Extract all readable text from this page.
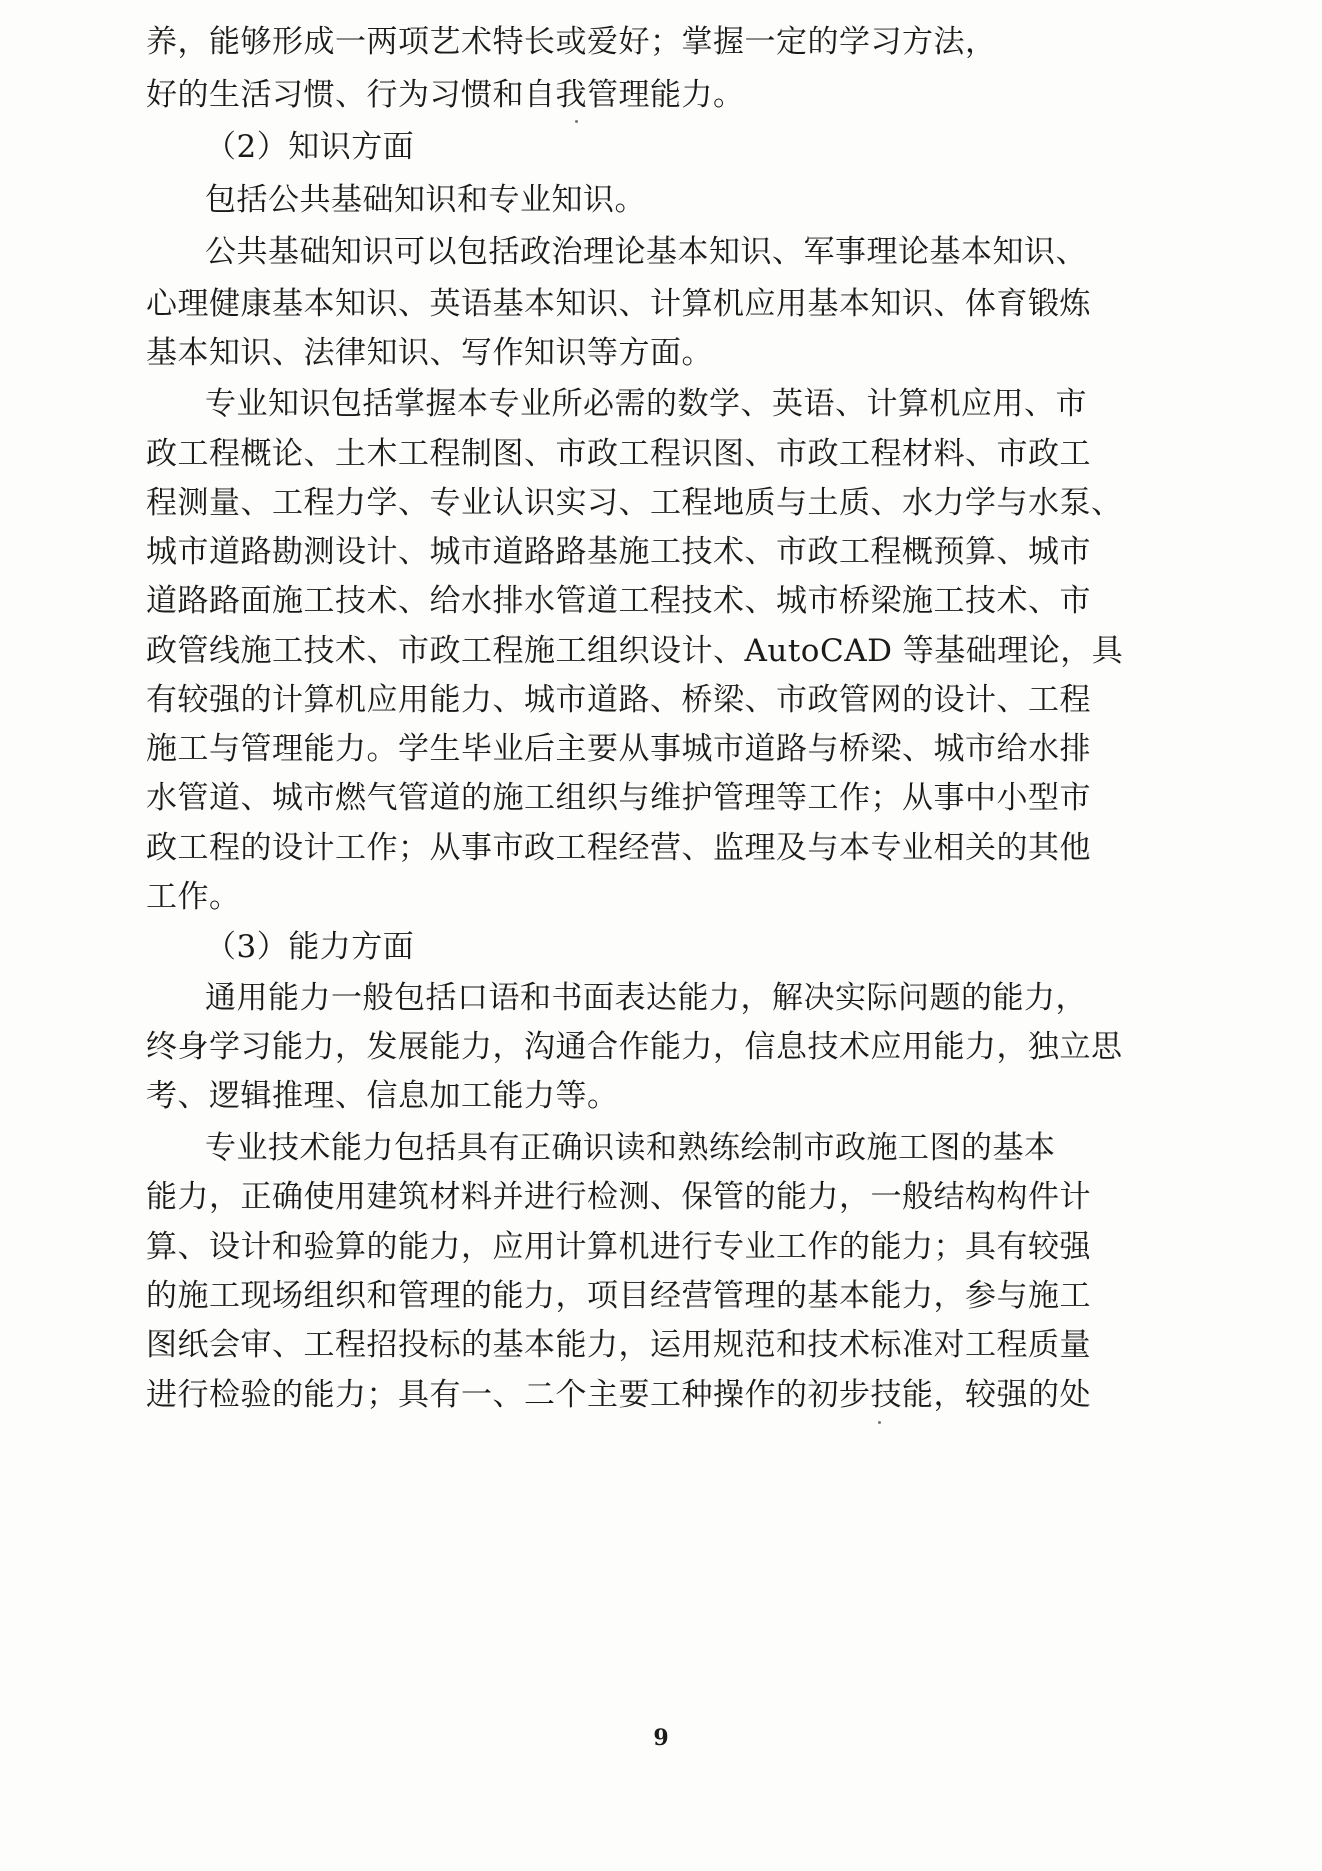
养，能够形成一两项艺术特长或爱好；掌握一定的学习方法，
好的生活习惯、行为习惯和自我管理能力。
（2）知识方面
包括公共基础知识和专业知识。
公共基础知识可以包括政治理论基本知识、军事理论基本知识、
心理健康基本知识、英语基本知识、计算机应用基本知识、体育锻炼
基本知识、法律知识、写作知识等方面。
专业知识包括掌握本专业所必需的数学、英语、计算机应用、市
政工程概论、土木工程制图、市政工程识图、市政工程材料、市政工
程测量、工程力学、专业认识实习、工程地质与土质、水力学与水泵、
城市道路勘测设计、城市道路路基施工技术、市政工程概预算、城市
道路路面施工技术、给水排水管道工程技术、城市桥梁施工技术、市
政管线施工技术、市政工程施工组织设计、AutoCAD 等基础理论，具
有较强的计算机应用能力、城市道路、桥梁、市政管网的设计、工程
施工与管理能力。学生毕业后主要从事城市道路与桥梁、城市给水排
水管道、城市燃气管道的施工组织与维护管理等工作；从事中小型市
政工程的设计工作；从事市政工程经营、监理及与本专业相关的其他
工作。
（3）能力方面
通用能力一般包括口语和书面表达能力，解决实际问题的能力，
终身学习能力，发展能力，沟通合作能力，信息技术应用能力，独立思
考、逻辑推理、信息加工能力等。
专业技术能力包括具有正确识读和熟练绘制市政施工图的基本
能力，正确使用建筑材料并进行检测、保管的能力，一般结构构件计
算、设计和验算的能力，应用计算机进行专业工作的能力；具有较强
的施工现场组织和管理的能力，项目经营管理的基本能力，参与施工
图纸会审、工程招投标的基本能力，运用规范和技术标准对工程质量
进行检验的能力；具有一、二个主要工种操作的初步技能，较强的处
9
